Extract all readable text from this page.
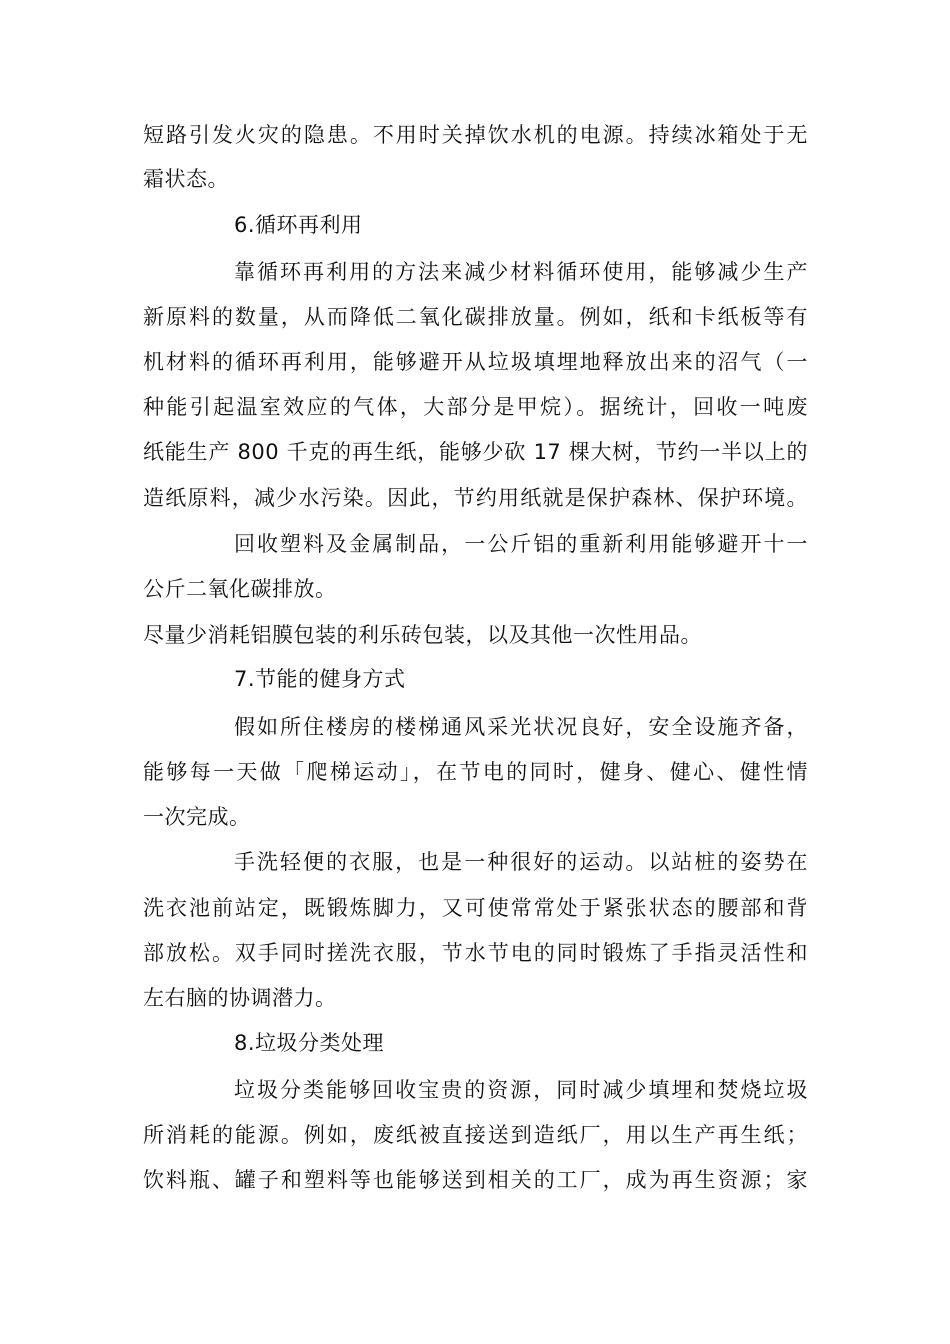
短路引发火灾的隐患。不用时关掉饮水机的电源。持续冰箱处于无
霜状态。
6.循环再利用
靠循环再利用的方法来减少材料循环使用，能够减少生产
新原料的数量，从而降低二氧化碳排放量。例如，纸和卡纸板等有
机材料的循环再利用，能够避开从垃圾填埋地释放出来的沼气（一
种能引起温室效应的气体，大部分是甲烷）。据统计，回收一吨废
纸能生产 800 千克的再生纸，能够少砍 17 棵大树，节约一半以上的
造纸原料，减少水污染。因此，节约用纸就是保护森林、保护环境。
回收塑料及金属制品，一公斤铝的重新利用能够避开十一
公斤二氧化碳排放。
尽量少消耗铝膜包装的利乐砖包装，以及其他一次性用品。
7.节能的健身方式
假如所住楼房的楼梯通风采光状况良好，安全设施齐备，
能够每一天做「爬梯运动」，在节电的同时，健身、健心、健性情
一次完成。
手洗轻便的衣服，也是一种很好的运动。以站桩的姿势在
洗衣池前站定，既锻炼脚力，又可使常常处于紧张状态的腰部和背
部放松。双手同时搓洗衣服，节水节电的同时锻炼了手指灵活性和
左右脑的协调潜力。
8.垃圾分类处理
垃圾分类能够回收宝贵的资源，同时减少填埋和焚烧垃圾
所消耗的能源。例如，废纸被直接送到造纸厂，用以生产再生纸；
饮料瓶、罐子和塑料等也能够送到相关的工厂，成为再生资源；家
